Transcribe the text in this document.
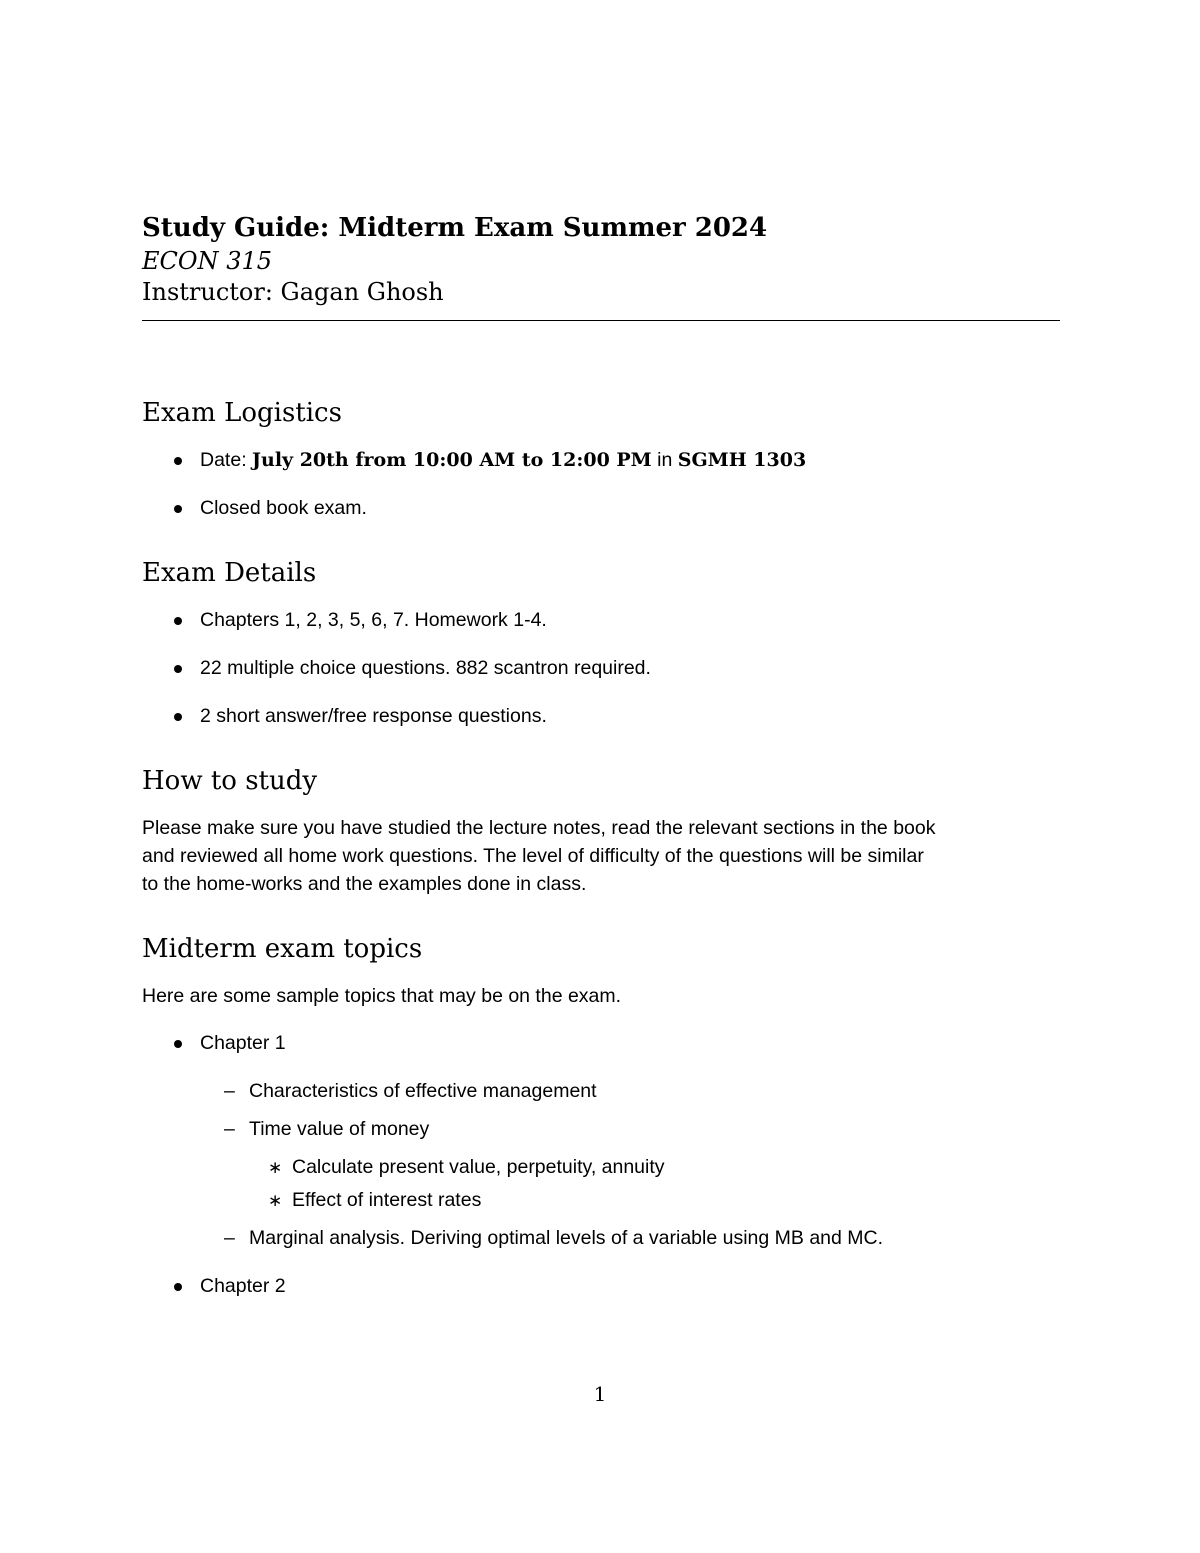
Study Guide: Midterm Exam Summer 2024
ECON 315
Instructor: Gagan Ghosh
Exam Logistics
Date: July 20th from 10:00 AM to 12:00 PM in SGMH 1303
Closed book exam.
Exam Details
Chapters 1, 2, 3, 5, 6, 7. Homework 1-4.
22 multiple choice questions. 882 scantron required.
2 short answer/free response questions.
How to study
Please make sure you have studied the lecture notes, read the relevant sections in the book
and reviewed all home work questions. The level of difficulty of the questions will be similar
to the home-works and the examples done in class.
Midterm exam topics
Here are some sample topics that may be on the exam.
Chapter 1
– Characteristics of effective management
– Time value of money
∗ Calculate present value, perpetuity, annuity
∗ Effect of interest rates
– Marginal analysis. Deriving optimal levels of a variable using MB and MC.
Chapter 2
1
